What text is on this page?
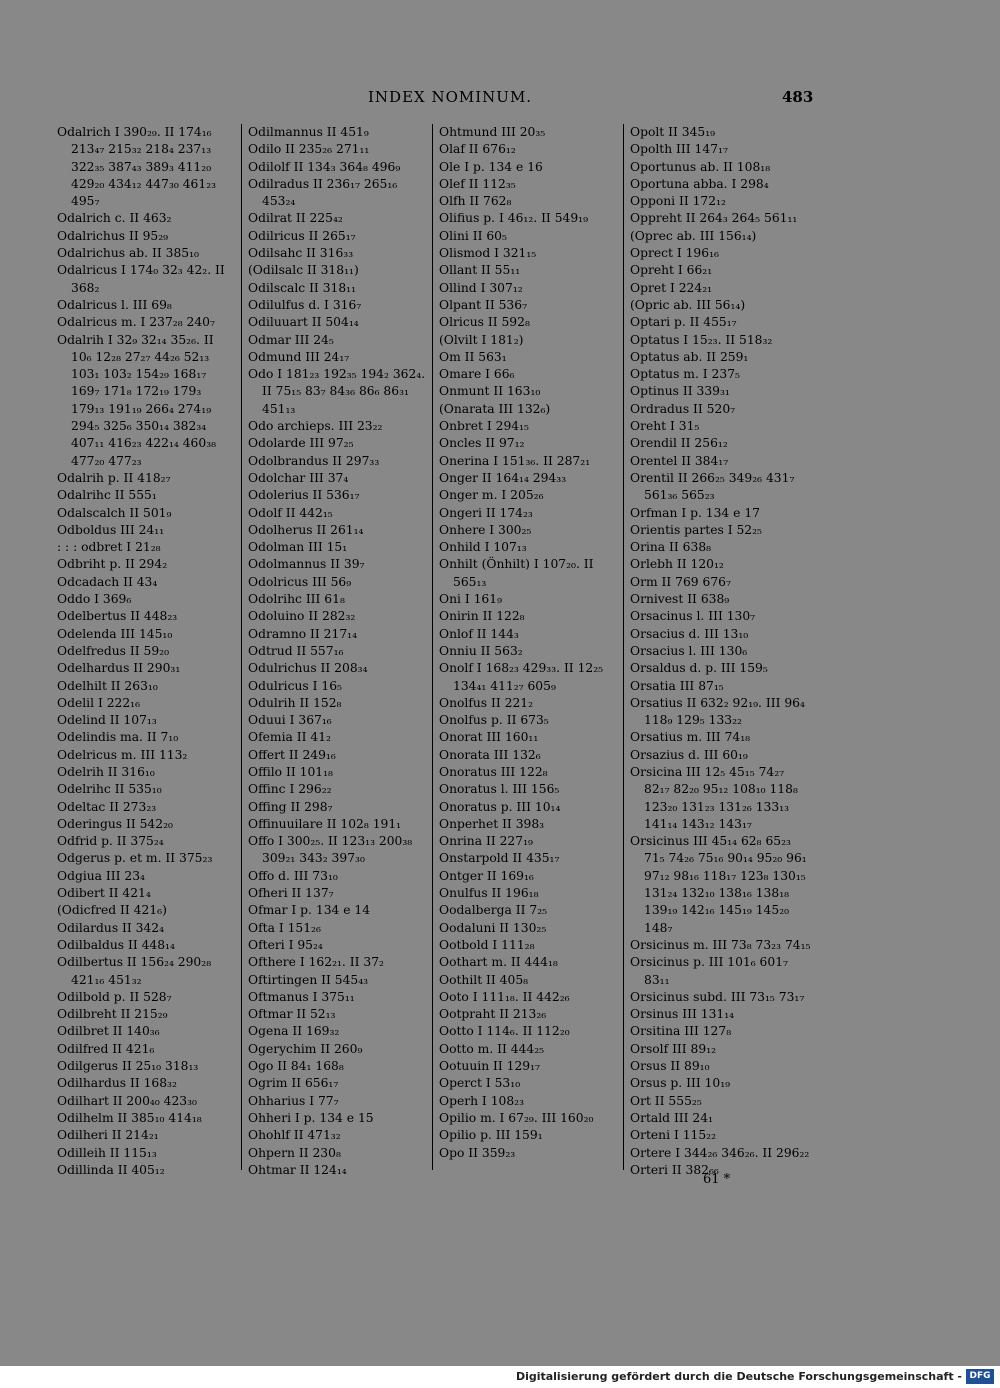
INDEX NOMINUM.	483
Odalrich I 390₂₉. II 174₁₆ 213₄₇ 215₃₂ 218₄ 237₁₃ 322₃₅ 387₄₃ 389₃ 411₂₀ 429₂₀ 434₁₂ 447₃₀ 461₂₃ 495₇
Odalrich c. II 463₂
Odalrichus II 95₂₉
Odalrichus ab. II 385₁₀
Odalricus I 174₀ 32₃ 42₂. II 368₂
Odalricus l. III 69₈
Odalricus m. I 237₂₈ 240₇
Odalrih I 32₉ 32₁₄ 35₂₆. II 10₆ 12₂₈ 27₂₇ 44₂₆ 52₁₃ 103₁ 103₂ 154₂₉ 168₁₇ 169₇ 171₈ 172₁₉ 179₃ 179₁₃ 191₁₉ 266₄ 274₁₉ 294₅ 325₆ 350₁₄ 382₃₄ 407₁₁ 416₂₃ 422₁₄ 460₃₈ 477₂₀ 477₂₃
Odalrih p. II 418₂₇
Odalrihc II 555₁
Odalscalch II 501₉
Odboldus III 24₁₁
: : : odbret I 21₂₈
Odbriht p. II 294₂
Odcadach II 43₄
Oddo I 369₆
Odelbertus II 448₂₃
Odelenda III 145₁₀
Odelfredus II 59₂₀
Odelhardus II 290₃₁
Odelhilt II 263₁₀
Odelil I 222₁₆
Odelind II 107₁₃
Odelindis ma. II 7₁₀
Odelricus m. III 113₂
Odelrih II 316₁₀
Odelrihc II 535₁₀
Odeltac II 273₂₃
Oderingus II 542₂₀
Odfrid p. II 375₂₄
Odgerus p. et m. II 375₂₃
Odgiua III 23₄
Odibert II 421₄
(Odicfred II 421₆)
Odilardus II 342₄
Odilbaldus II 448₁₄
Odilbertus II 156₂₄ 290₂₈ 421₁₆ 451₃₂
Odilbold p. II 528₇
Odilbreht II 215₂₉
Odilbret II 140₃₆
Odilfred II 421₆
Odilgerus II 25₁₀ 318₁₃
Odilhardus II 168₃₂
Odilhart II 200₄₀ 423₃₀
Odilhelm II 385₁₀ 414₁₈
Odilheri II 214₂₁
Odilleih II 115₁₃
Odillinda II 405₁₂
Odilmannus II 451₉
Odilo II 235₂₆ 271₁₁
Odilolf II 134₃ 364₈ 496₉
Odilradus II 236₁₇ 265₁₆ 453₂₄
Odilrat II 225₄₂
Odilricus II 265₁₇
Odilsahc II 316₃₃
(Odilsalc II 318₁₁)
Odilscalc II 318₁₁
Odilulfus d. I 316₇
Odiluuart II 504₁₄
Odmar III 24₅
Odmund III 24₁₇
Odo I 181₂₃ 192₃₅ 194₂ 362₄. II 75₁₅ 83₇ 84₃₆ 86₆ 86₃₁ 451₁₃
Odo archieps. III 23₂₂
Odolarde III 97₂₅
Odolbrandus II 297₃₃
Odolchar III 37₄
Odolerius II 536₁₇
Odolf II 442₁₅
Odolherus II 261₁₄
Odolman III 15₁
Odolmannus II 39₇
Odolricus III 56₉
Odolrihc III 61₈
Odoluino II 282₃₂
Odramno II 217₁₄
Odtrud II 557₁₆
Odulrichus II 208₃₄
Odulricus I 16₅
Odulrih II 152₈
Oduui I 367₁₆
Ofemia II 41₂
Offert II 249₁₆
Offilo II 101₁₈
Offinc I 296₂₂
Offing II 298₇
Offinuuilare II 102₈ 191₁
Offo I 300₂₅. II 123₁₃ 200₃₈ 309₂₁ 343₂ 397₃₀
Offo d. III 73₁₀
Ofheri II 137₇
Ofmar I p. 134 e 14
Ofta I 151₂₆
Ofteri I 95₂₄
Ofthere I 162₂₁. II 37₂
Oftirtingen II 545₄₃
Oftmanus I 375₁₁
Oftmar II 52₁₃
Ogena II 169₃₂
Ogerychim II 260₉
Ogo II 84₁ 168₈
Ogrim II 656₁₇
Ohharius I 77₇
Ohheri I p. 134 e 15
Ohohlf II 471₃₂
Ohpern II 230₈
Ohtmar II 124₁₄
Ohtmund III 20₃₅
Olaf II 676₁₂
Ole I p. 134 e 16
Olef II 112₃₅
Olfh II 762₈
Olifius p. I 46₁₂. II 549₁₉
Olini II 60₅
Olismod I 321₁₅
Ollant II 55₁₁
Ollind I 307₁₂
Olpant II 536₇
Olricus II 592₈
(Olvilt I 181₂)
Om II 563₁
Omare I 66₆
Onmunt II 163₁₀
(Onarata III 132₆)
Onbret I 294₁₅
Oncles II 97₁₂
Onerina I 151₃₆. II 287₂₁
Onger II 164₁₄ 294₃₃
Onger m. I 205₂₆
Ongeri II 174₂₃
Onhere I 300₂₅
Onhild I 107₁₃
Onhilt (Önhilt) I 107₂₀. II 565₁₃
Oni I 161₉
Onirin II 122₈
Onlof II 144₃
Onniu II 563₂
Onolf I 168₂₃ 429₃₃. II 12₂₅ 134₄₁ 411₂₇ 605₉
Onolfus II 221₂
Onolfus p. II 673₅
Onorat III 160₁₁
Onorata III 132₆
Onoratus III 122₈
Onoratus l. III 156₅
Onoratus p. III 10₁₄
Onperhet II 398₃
Onrina II 227₁₉
Onstarpold II 435₁₇
Ontger II 169₁₆
Onulfus II 196₁₈
Oodalberga II 7₂₅
Oodaluni II 130₂₅
Ootbold I 111₂₈
Oothart m. II 444₁₈
Oothilt II 405₈
Ooto I 111₁₈. II 442₂₆
Ootpraht II 213₂₆
Ootto I 114₆. II 112₂₀
Ootto m. II 444₂₅
Ootuuin II 129₁₇
Operct I 53₁₀
Operh I 108₂₃
Opilio m. I 67₂₉. III 160₂₀
Opilio p. III 159₁
Opo II 359₂₃
Opolt II 345₁₉
Opolth III 147₁₇
Oportunus ab. II 108₁₈
Oportuna abba. I 298₄
Opponi II 172₁₂
Oppreht II 264₃ 264₅ 561₁₁
(Oprec ab. III 156₁₄)
Oprect I 196₁₆
Opreht I 66₂₁
Opret I 224₂₁
(Opric ab. III 56₁₄)
Optari p. II 455₁₇
Optatus I 15₂₃. II 518₃₂
Optatus ab. II 259₁
Optatus m. I 237₅
Optinus II 339₃₁
Ordradus II 520₇
Oreht I 31₅
Orendil II 256₁₂
Orentel II 384₁₇
Orentil II 266₂₅ 349₂₆ 431₇ 561₃₆ 565₂₃
Orfman I p. 134 e 17
Orientis partes I 52₂₅
Orina II 638₈
Orlebh II 120₁₂
Orm II 769 676₇
Ornivest II 638₉
Orsacinus l. III 130₇
Orsacius d. III 13₁₀
Orsacius l. III 130₆
Orsaldus d. p. III 159₅
Orsatia III 87₁₅
Orsatius II 632₂ 92₁₉. III 96₄ 118₉ 129₅ 133₂₂
Orsatius m. III 74₁₈
Orsazius d. III 60₁₉
Orsicina III 12₅ 45₁₅ 74₂₇ 82₁₇ 82₂₀ 95₁₂ 108₁₀ 118₈ 123₂₀ 131₂₃ 131₂₆ 133₁₃ 141₁₄ 143₁₂ 143₁₇
Orsicinus III 45₁₄ 62₈ 65₂₃ 71₅ 74₂₆ 75₁₆ 90₁₄ 95₂₀ 96₁ 97₁₂ 98₁₆ 118₁₇ 123₈ 130₁₅ 131₂₄ 132₁₀ 138₁₆ 138₁₈ 139₁₉ 142₁₆ 145₁₉ 145₂₀ 148₇
Orsicinus m. III 73₈ 73₂₃ 74₁₅
Orsicinus p. III 101₆ 601₇ 83₁₁
Orsicinus subd. III 73₁₅ 73₁₇
Orsinus III 131₁₄
Orsitina III 127₈
Orsolf III 89₁₂
Orsus II 89₁₀
Orsus p. III 10₁₉
Ort II 555₂₅
Ortald III 24₁
Orteni I 115₂₂
Ortere I 344₂₆ 346₂₆. II 296₂₂
Orteri II 382₆₆
61 *
Digitalisierung gefördert durch die Deutsche Forschungsgemeinschaft - DFG
